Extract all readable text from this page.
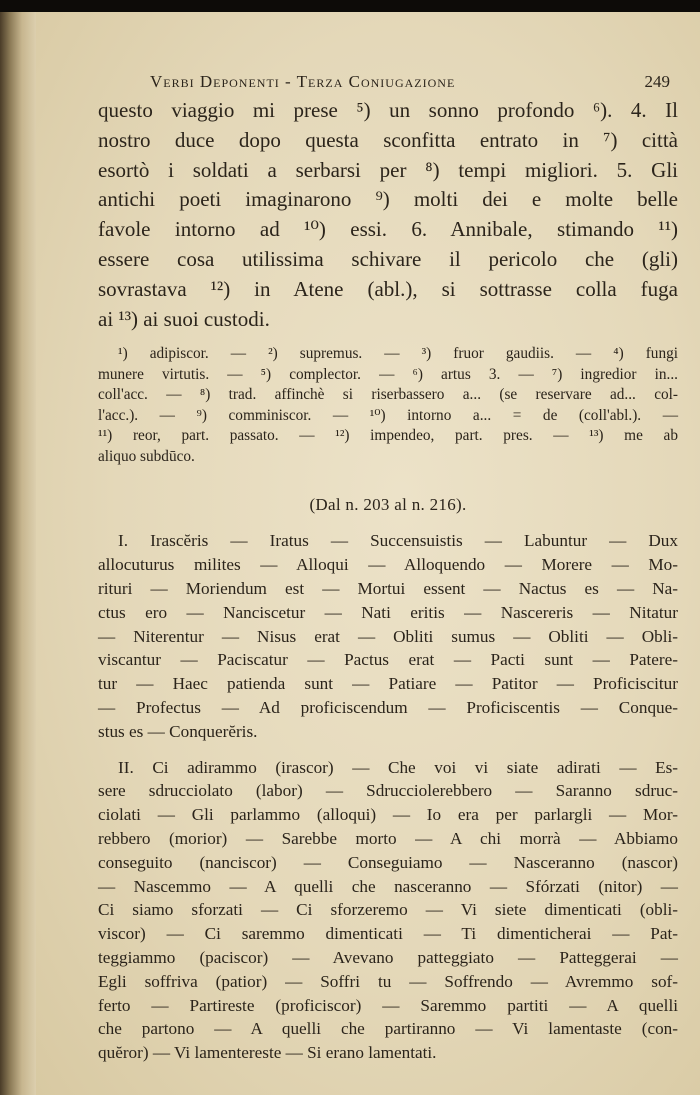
Verbi Deponenti - Terza Coniugazione	249

questo viaggio mi prese ⁵) un sonno profondo ⁶). 4. Il
nostro duce dopo questa sconfitta entrato in ⁷) città
esortò i soldati a serbarsi per ⁸) tempi migliori. 5. Gli
antichi poeti imaginarono ⁹) molti dei e molte belle
favole intorno ad ¹⁰) essi. 6. Annibale, stimando ¹¹)
essere cosa utilissima schivare il pericolo che (gli)
sovrastava ¹²) in Atene (abl.), si sottrasse colla fuga
ai ¹³) ai suoi custodi.

¹) adipiscor. — ²) supremus. — ³) fruor gaudiis. — ⁴) fungi
munere virtutis. — ⁵) complector. — ⁶) artus 3. — ⁷) ingredior in...
coll'acc. — ⁸) trad. affinchè si riserbassero a... (se reservare ad... col-
l'acc.). — ⁹) comminiscor. — ¹⁰) intorno a... = de (coll'abl.). —
¹¹) reor, part. passato. — ¹²) impendeo, part. pres. — ¹³) me ab
aliquo subdūco.

(Dal n. 203 al n. 216).

I. Irascĕris — Iratus — Succensuistis — Labuntur — Dux
allocuturus milites — Alloqui — Alloquendo — Morere — Mo-
rituri — Moriendum est — Mortui essent — Nactus es — Na-
ctus ero — Nanciscetur — Nati eritis — Nascereris — Nitatur
— Niterentur — Nisus erat — Obliti sumus — Obliti — Obli-
viscantur — Paciscatur — Pactus erat — Pacti sunt — Patere-
tur — Haec patienda sunt — Patiare — Patitor — Proficiscitur
— Profectus — Ad proficiscendum — Proficiscentis — Conque-
stus es — Conquerĕris.

II. Ci adirammo (irascor) — Che voi vi siate adirati — Es-
sere sdrucciolato (labor) — Sdrucciolerebbero — Saranno sdruc-
ciolati — Gli parlammo (alloqui) — Io era per parlargli — Mor-
rebbero (morior) — Sarebbe morto — A chi morrà — Abbiamo
conseguito (nanciscor) — Conseguiamo — Nasceranno (nascor)
— Nascemmo — A quelli che nasceranno — Sfórzati (nitor) —
Ci siamo sforzati — Ci sforzeremo — Vi siete dimenticati (obli-
viscor) — Ci saremmo dimenticati — Ti dimenticherai — Pat-
teggiammo (paciscor) — Avevano patteggiato — Patteggerai —
Egli soffriva (patior) — Soffri tu — Soffrendo — Avremmo sof-
ferto — Partireste (proficiscor) — Saremmo partiti — A quelli
che partono — A quelli che partiranno — Vi lamentaste (con-
quĕror) — Vi lamentereste — Si erano lamentati.
